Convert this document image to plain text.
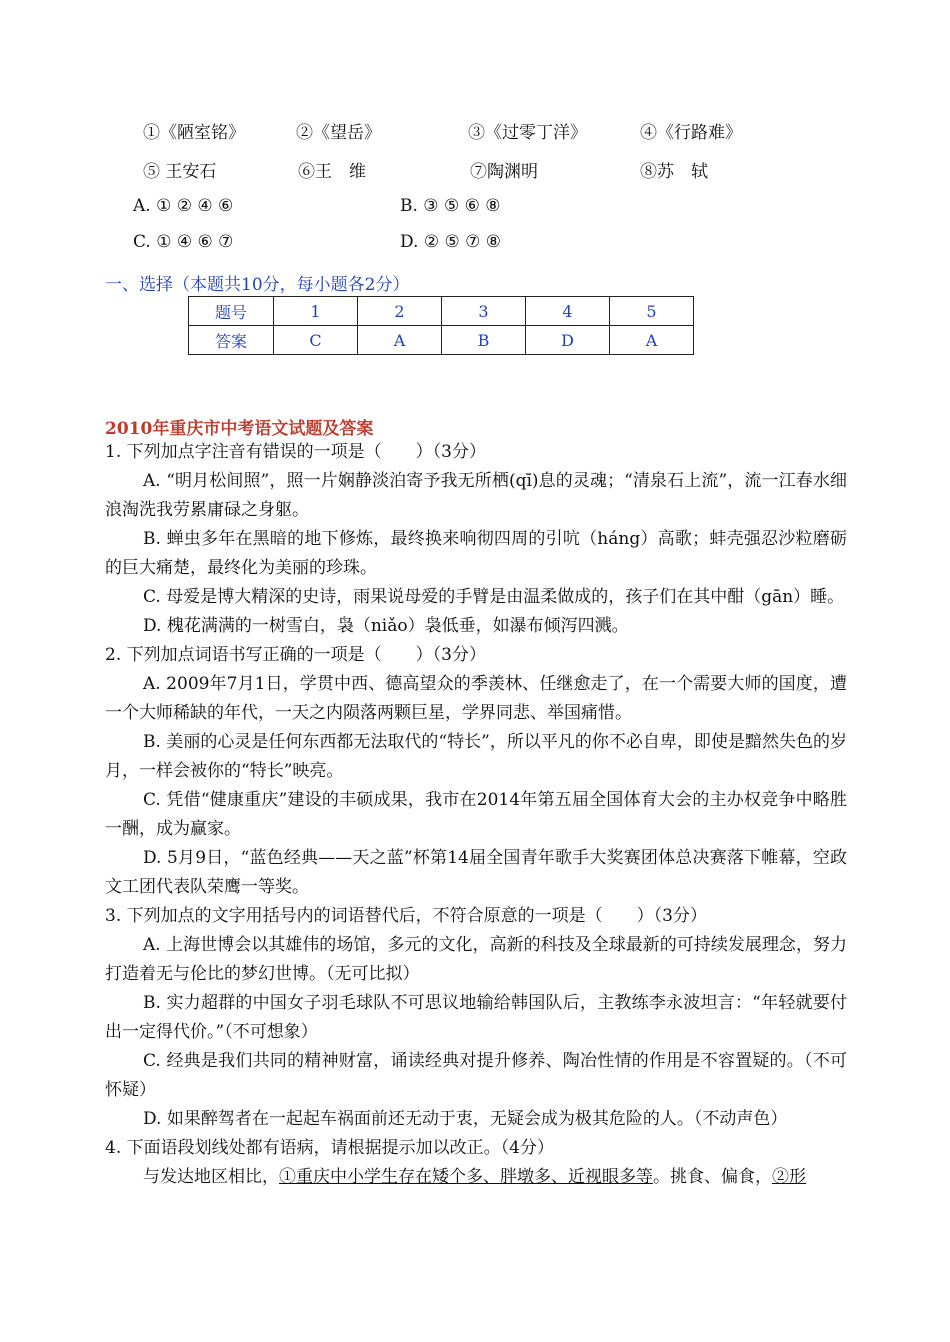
①《陋室铭》	②《望岳》	③《过零丁洋》	④《行路难》
⑤ 王安石	⑥王　维	⑦陶渊明	⑧苏　轼
A. ① ② ④ ⑥	B. ③ ⑤ ⑥ ⑧
C. ① ④ ⑥ ⑦	D. ② ⑤ ⑦ ⑧
一、选择（本题共10分，每小题各2分）
题号	1	2	3	4	5
答案	C	A	B	D	A
2010年重庆市中考语文试题及答案

1. 下列加点字注音有错误的一项是（　　）（3分）

A. “明月松间照”，照一片娴静淡泊寄予我无所栖(qī)息的灵魂；“清泉石上流”，流一江春水细浪淘洗我劳累庸碌之身躯。

B. 蝉虫多年在黑暗的地下修炼，最终换来响彻四周的引吭（háng）高歌；蚌壳强忍沙粒磨砺的巨大痛楚，最终化为美丽的珍珠。

C. 母爱是博大精深的史诗，雨果说母爱的手臂是由温柔做成的，孩子们在其中酣（gān）睡。

D. 槐花满满的一树雪白，袅（niǎo）袅低垂，如瀑布倾泻四溅。

2. 下列加点词语书写正确的一项是（　　）（3分）

A. 2009年7月1日，学贯中西、德高望众的季羡林、任继愈走了，在一个需要大师的国度，遭一个大师稀缺的年代，一天之内陨落两颗巨星，学界同悲、举国痛惜。

B. 美丽的心灵是任何东西都无法取代的“特长”，所以平凡的你不必自卑，即使是黯然失色的岁月，一样会被你的“特长”映亮。

C. 凭借“健康重庆”建设的丰硕成果，我市在2014年第五届全国体育大会的主办权竞争中略胜一酬，成为赢家。

D. 5月9日，“蓝色经典——天之蓝”杯第14届全国青年歌手大奖赛团体总决赛落下帷幕，空政文工团代表队荣鹰一等奖。

3. 下列加点的文字用括号内的词语替代后，不符合原意的一项是（　　）（3分）

A. 上海世博会以其雄伟的场馆，多元的文化，高新的科技及全球最新的可持续发展理念，努力打造着无与伦比的梦幻世博。（无可比拟）

B. 实力超群的中国女子羽毛球队不可思议地输给韩国队后，主教练李永波坦言：“年轻就要付出一定得代价。”（不可想象）

C. 经典是我们共同的精神财富，诵读经典对提升修养、陶冶性情的作用是不容置疑的。（不可怀疑）

D. 如果醉驾者在一起起车祸面前还无动于衷，无疑会成为极其危险的人。（不动声色）

4. 下面语段划线处都有语病，请根据提示加以改正。（4分）

与发达地区相比，①重庆中小学生存在矮个多、胖墩多、近视眼多等。挑食、偏食，②形
